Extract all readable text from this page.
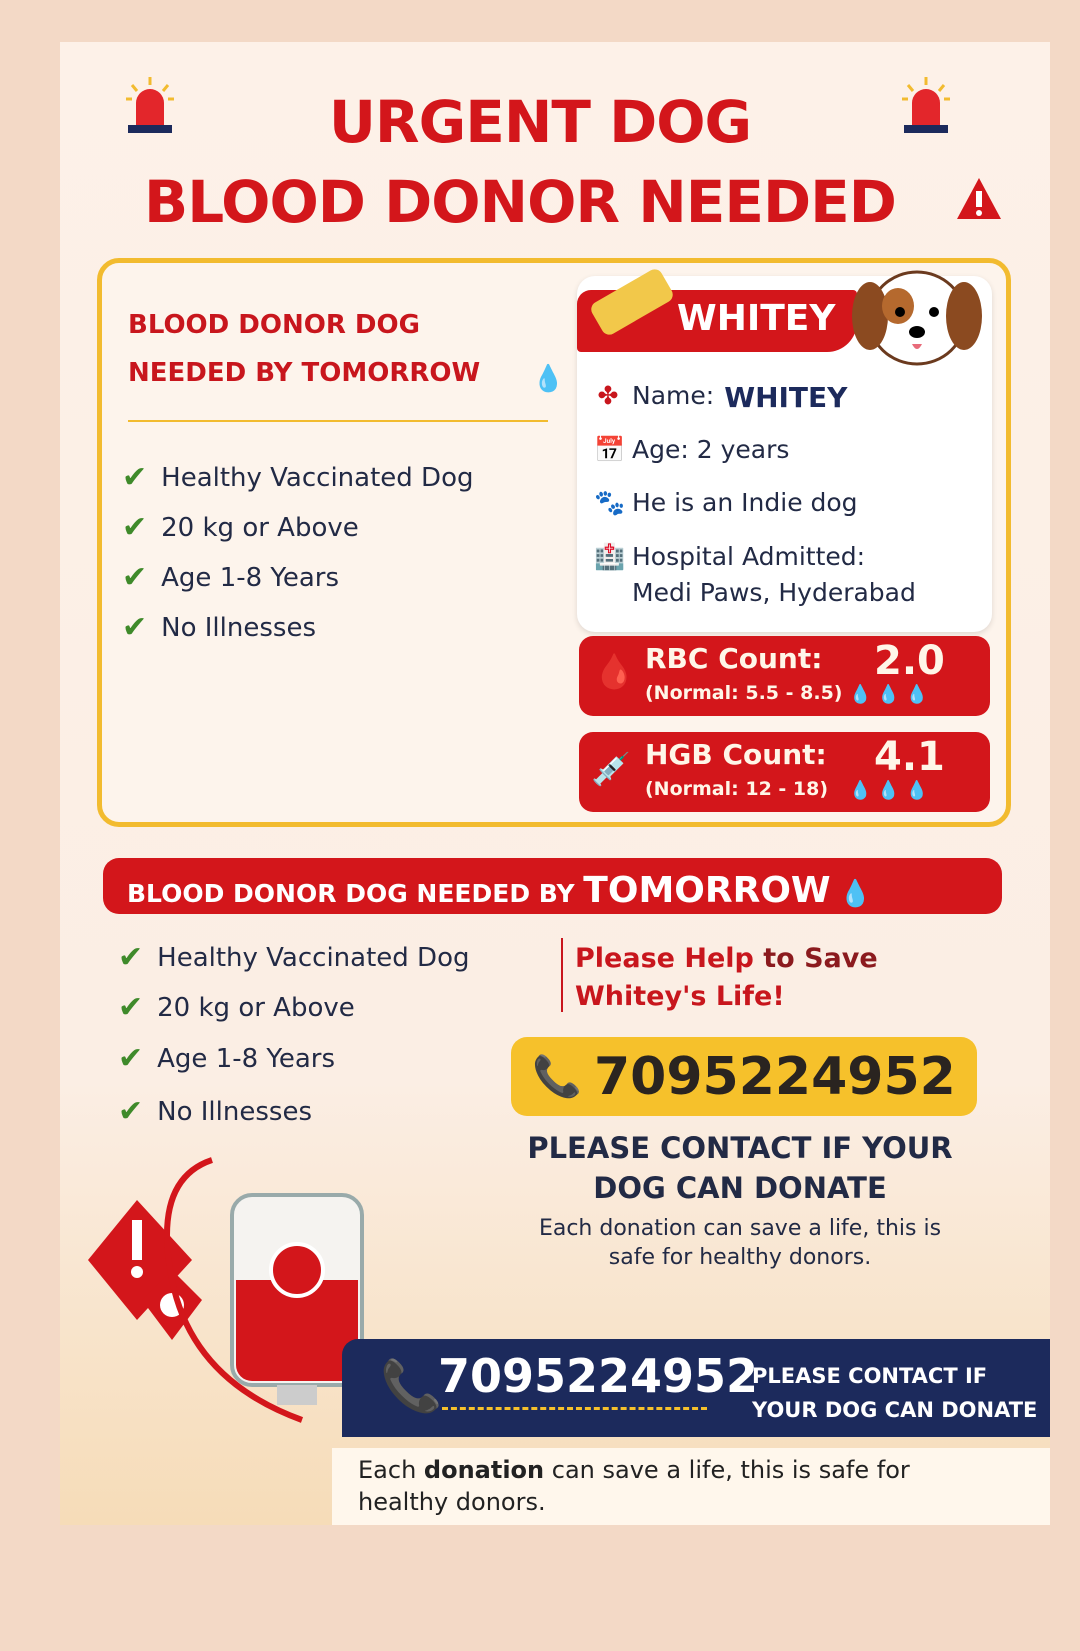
URGENT DOG
BLOOD DONOR NEEDED
BLOOD DONOR DOG
NEEDED BY TOMORROW 💧
✔ Healthy Vaccinated Dog
✔ 20 kg or Above
✔ Age 1-8 Years
✔ No Illnesses
WHITEY
✤ Name: WHITEY
📅 Age: 2 years
🐾 He is an Indie dog
🏥 Hospital Admitted:
Medi Paws, Hyderabad
🩸 RBC Count:
(Normal: 5.5 - 8.5)
2.0
💧💧💧
💉 HGB Count:
(Normal: 12 - 18)
4.1
💧💧💧
BLOOD DONOR DOG NEEDED BY TOMORROW 💧
✔ Healthy Vaccinated Dog
✔ 20 kg or Above
✔ Age 1-8 Years
✔ No Illnesses
Please Help to Save
Whitey's Life!
📞 7095224952
PLEASE CONTACT IF YOUR
DOG CAN DONATE
Each donation can save a life, this is
safe for healthy donors.
📞
7095224952
PLEASE CONTACT IF
YOUR DOG CAN DONATE
Each donation can save a life, this is safe for
healthy donors.
